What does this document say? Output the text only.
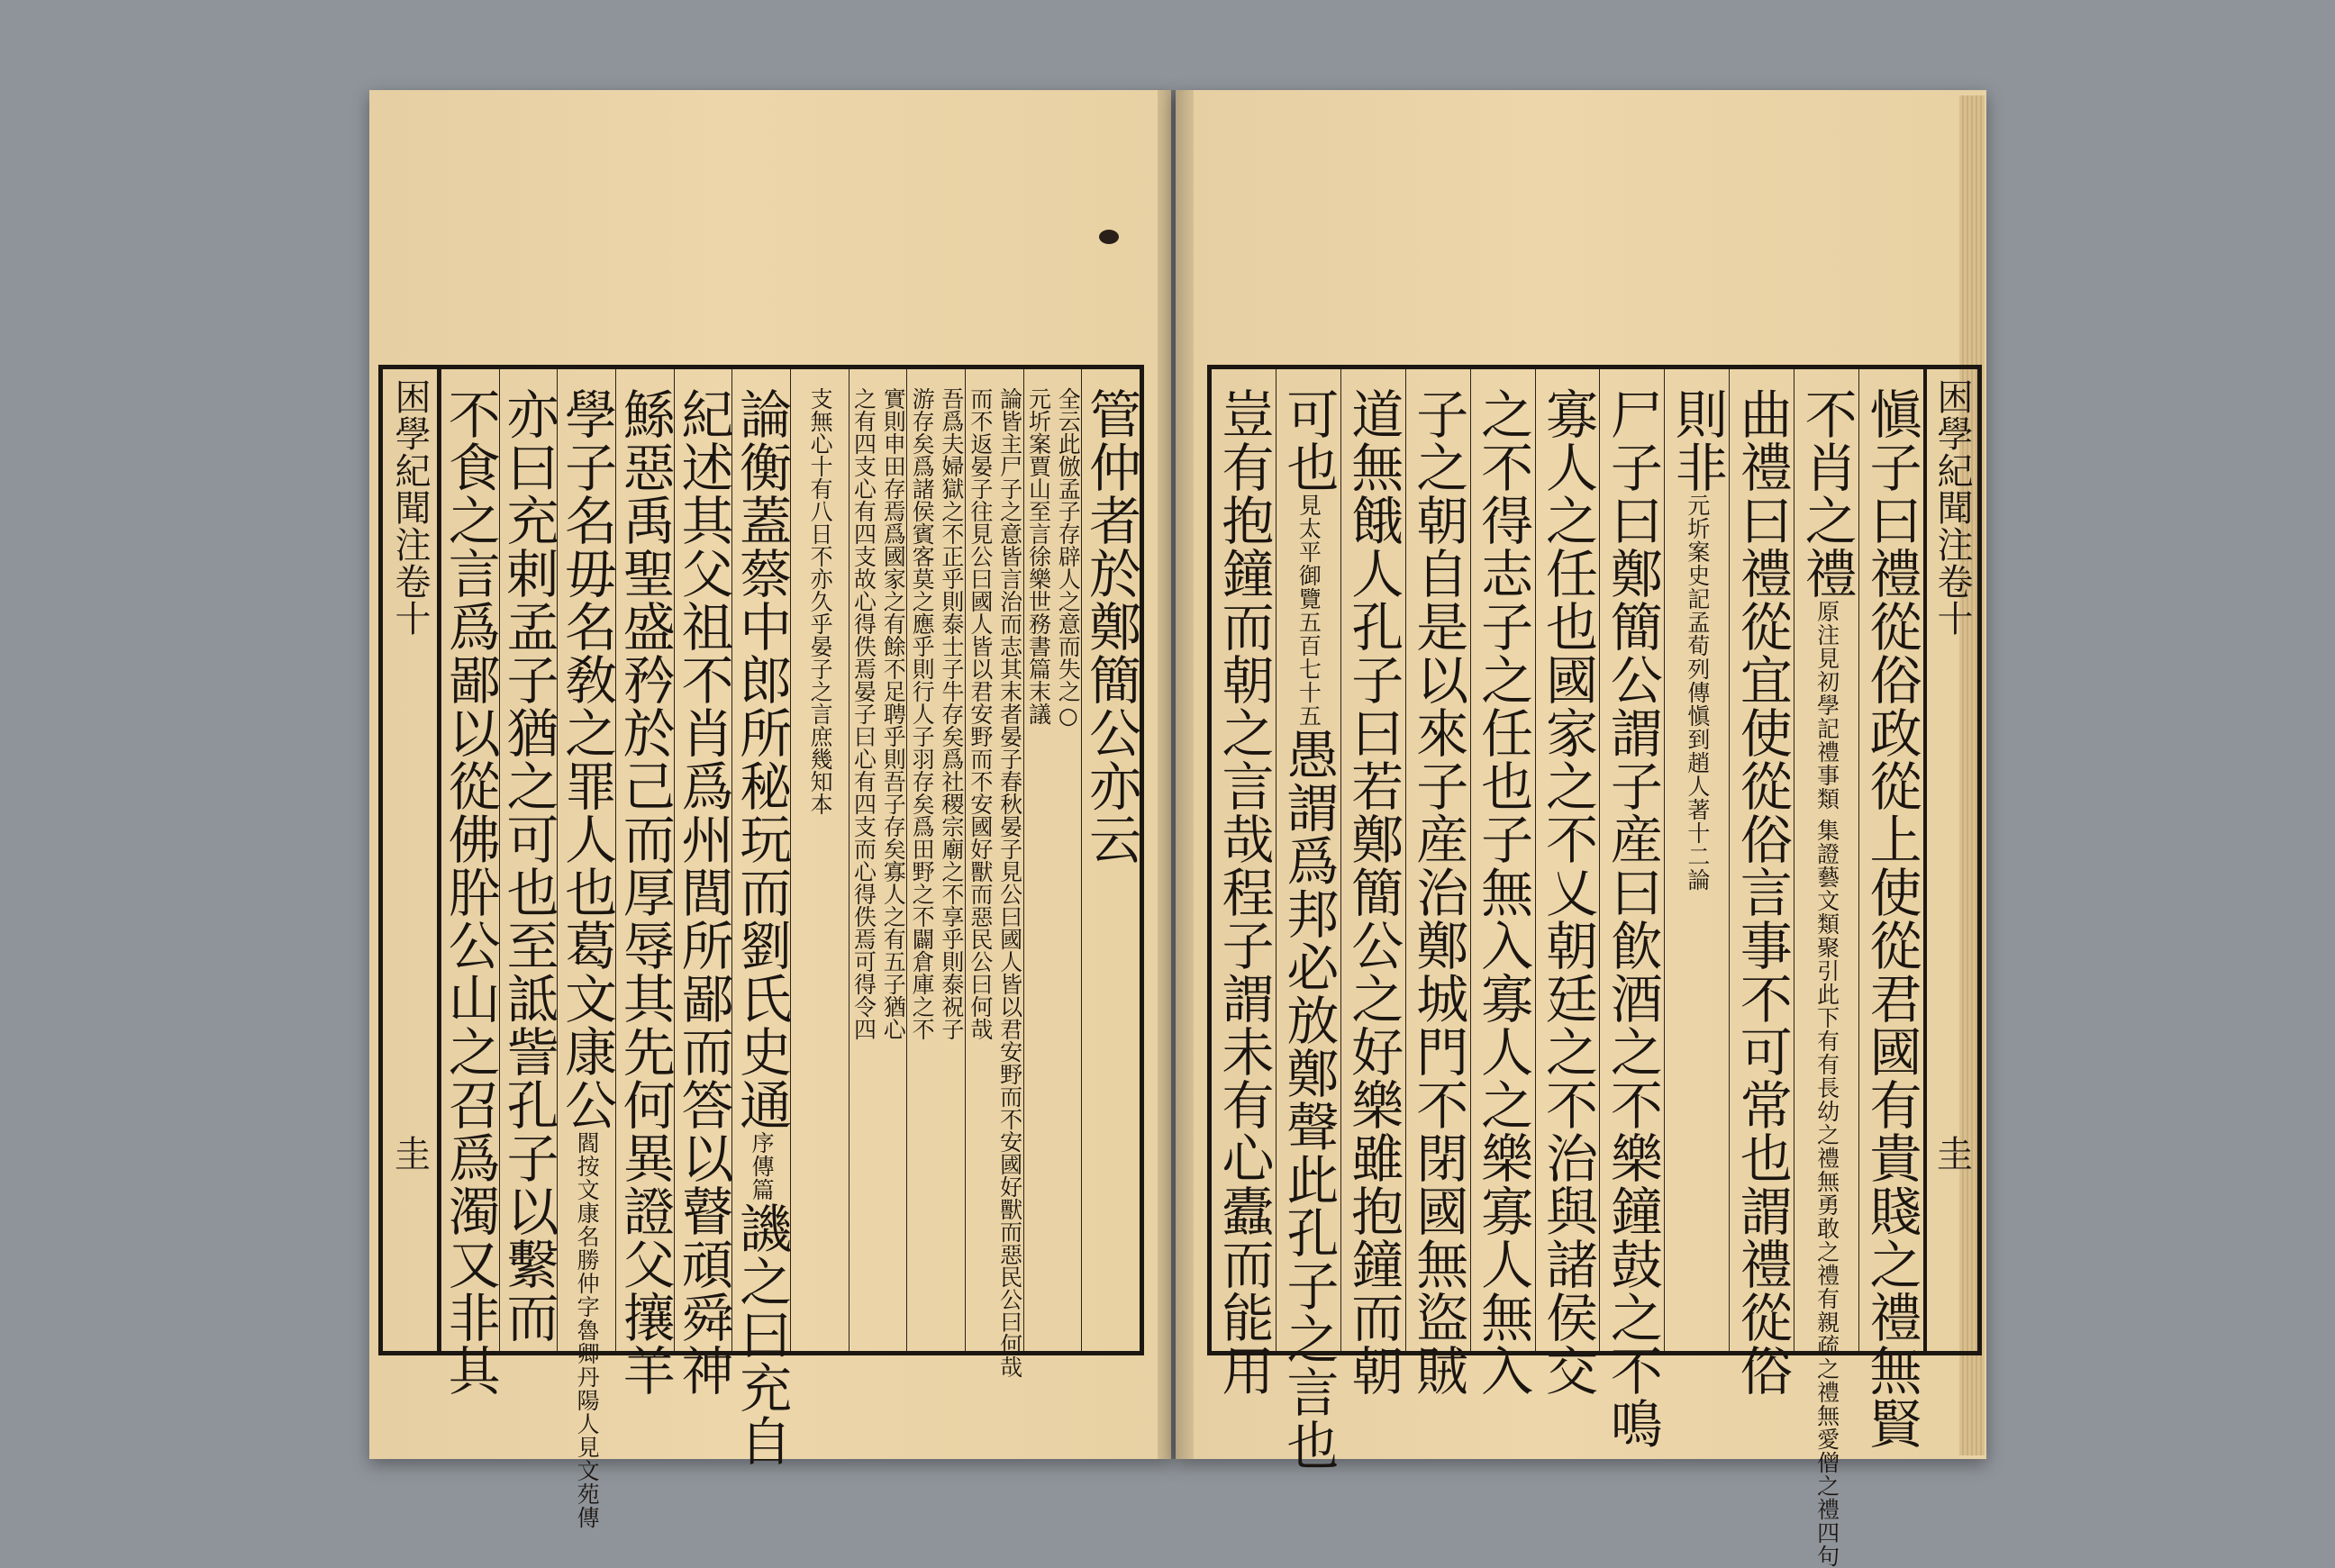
管仲者於鄭簡公亦云
全云此倣孟子存辟人之意而失之○
元圻案賈山至言徐樂世務書篇末議
論皆主尸子之意皆言治而志其末者晏子春秋晏子見公曰國人皆以君安野而不安國好獸而惡民公曰何哉
而不返晏子往見公曰國人皆以君安野而不安國好獸而惡民公曰何哉
吾爲夫婦獄之不正乎則泰士子牛存矣爲社稷宗廟之不享乎則泰祝子
游存矣爲諸侯賓客莫之應乎則行人子羽存矣爲田野之不闢倉庫之不
實則申田存焉爲國家之有餘不足聘乎則吾子存矣寡人之有五子猶心
之有四支心有四支故心得佚焉晏子曰心有四支而心得佚焉可得令四
支無心十有八日不亦久乎晏子之言庶幾知本
論衡蓋蔡中郎所秘玩而劉氏史通序傳篇譏之曰充自
紀述其父祖不肖爲州閭所鄙而答以瞽頑舜神
鯀惡禹聖盛矜於己而厚辱其先何異證父攘羊
學子名毋名敎之罪人也葛文康公閻按文康名勝仲字魯卿丹陽人見文苑傳
亦曰充剌孟子猶之可也至詆訾孔子以繫而
不食之言爲鄙以從佛肸公山之召爲濁又非其
困學紀聞注卷十
圭
困學紀聞注卷十
圭
愼子曰禮從俗政從上使從君國有貴賤之禮無賢
不肖之禮原注見初學記禮事類 集證藝文類聚引此下有有長幼之禮無勇敢之禮有親疏之禮無愛僧之禮四句
曲禮曰禮從宜使從俗言事不可常也謂禮從俗
則非元圻案史記孟荀列傳愼到趙人著十二論
尸子曰鄭簡公謂子産曰飮酒之不樂鐘鼓之不鳴
寡人之任也國家之不乂朝廷之不治與諸侯交
之不得志子之任也子無入寡人之樂寡人無入
子之朝自是以來子産治鄭城門不閉國無盜賊
道無餓人孔子曰若鄭簡公之好樂雖抱鐘而朝
可也見太平御覽五百七十五愚謂爲邦必放鄭聲此孔子之言也
豈有抱鐘而朝之言哉程子謂未有心蠹而能用
